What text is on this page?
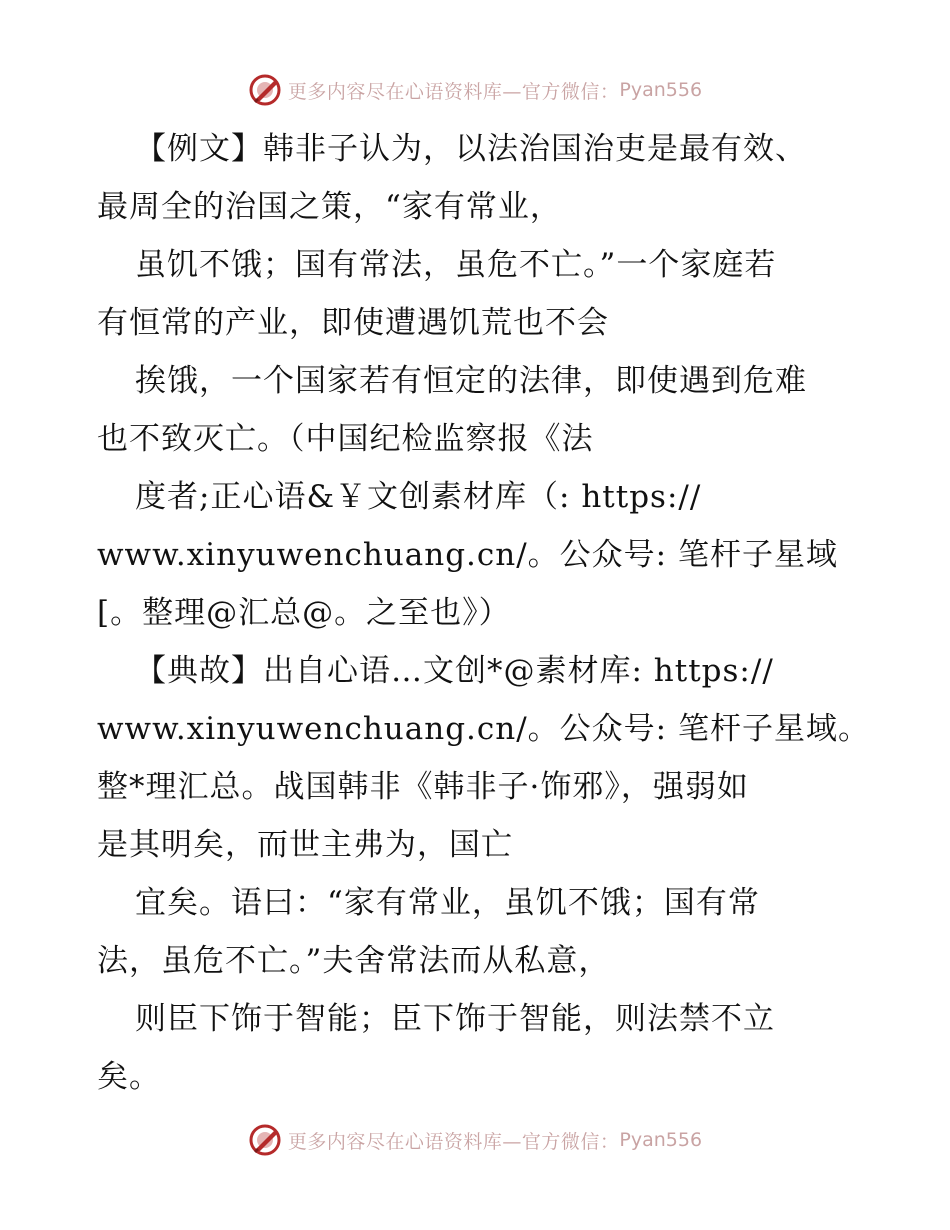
更多内容尽在心语资料库—官方微信： Pyan556
【例文】韩非子认为，以法治国治吏是最有效、
最周全的治国之策，“家有常业，
虽饥不饿；国有常法，虽危不亡。”一个家庭若
有恒常的产业，即使遭遇饥荒也不会
挨饿，一个国家若有恒定的法律，即使遇到危难
也不致灭亡。（中国纪检监察报《法
度者;正心语&￥文创素材库（: https://
www.xinyuwenchuang.cn/。公众号: 笔杆子星域
[。整理@汇总@。之至也》）
【典故】出自心语…文创*@素材库: https://
www.xinyuwenchuang.cn/。公众号: 笔杆子星域。
整*理汇总。战国韩非《韩非子·饰邪》，强弱如
是其明矣，而世主弗为，国亡
宜矣。语曰：“家有常业，虽饥不饿；国有常
法，虽危不亡。”夫舍常法而从私意，
则臣下饰于智能；臣下饰于智能，则法禁不立
矣。
更多内容尽在心语资料库—官方微信： Pyan556
